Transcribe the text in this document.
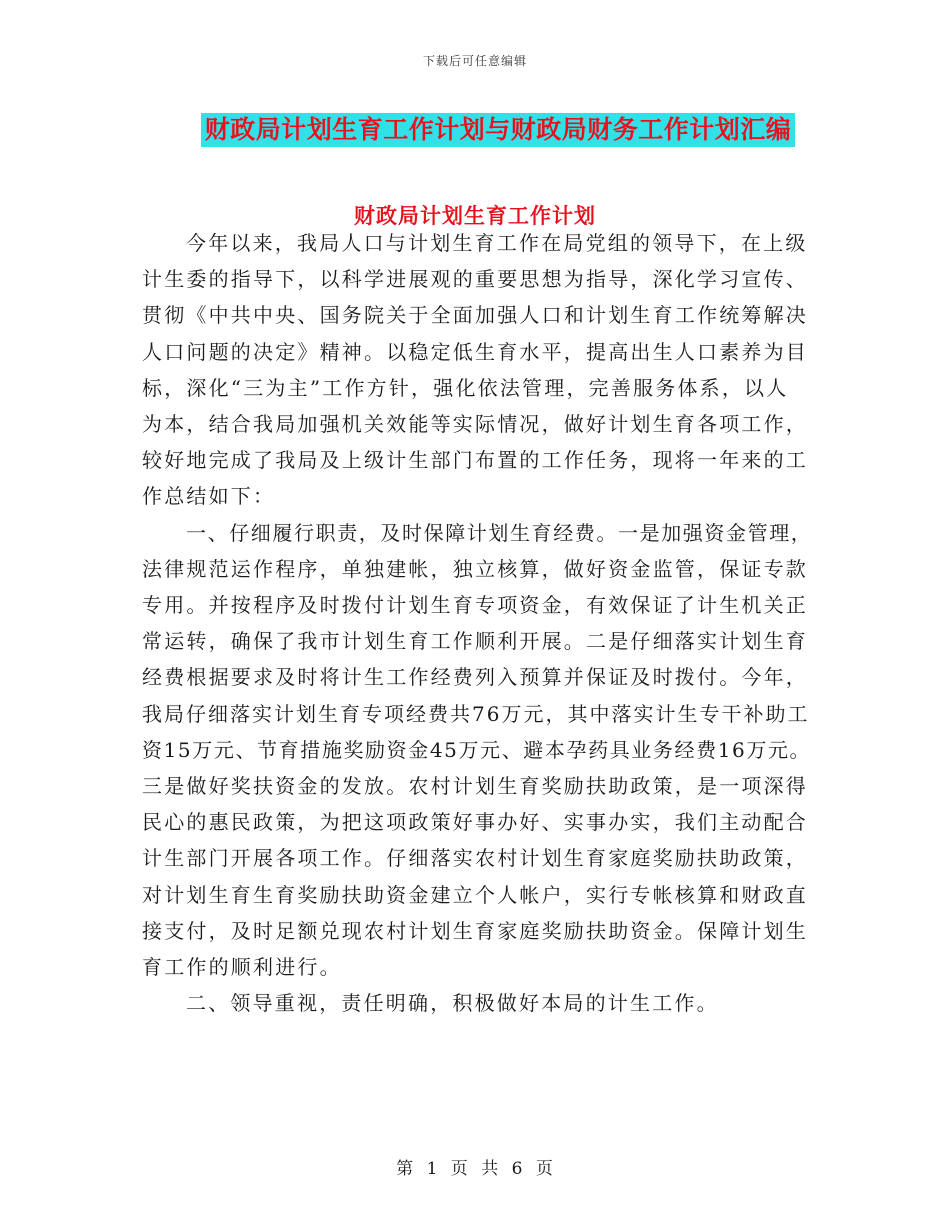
下载后可任意编辑
财政局计划生育工作计划与财政局财务工作计划汇编
财政局计划生育工作计划
今年以来，我局人口与计划生育工作在局党组的领导下，在上级
计生委的指导下，以科学进展观的重要思想为指导，深化学习宣传、
贯彻《中共中央、国务院关于全面加强人口和计划生育工作统筹解决
人口问题的决定》精神。以稳定低生育水平，提高出生人口素养为目
标，深化“三为主”工作方针，强化依法管理，完善服务体系，以人
为本，结合我局加强机关效能等实际情况，做好计划生育各项工作，
较好地完成了我局及上级计生部门布置的工作任务，现将一年来的工
作总结如下：
一、仔细履行职责，及时保障计划生育经费。一是加强资金管理，
法律规范运作程序，单独建帐，独立核算，做好资金监管，保证专款
专用。并按程序及时拨付计划生育专项资金，有效保证了计生机关正
常运转，确保了我市计划生育工作顺利开展。二是仔细落实计划生育
经费根据要求及时将计生工作经费列入预算并保证及时拨付。今年，
我局仔细落实计划生育专项经费共76万元，其中落实计生专干补助工
资15万元、节育措施奖励资金45万元、避本孕药具业务经费16万元。
三是做好奖扶资金的发放。农村计划生育奖励扶助政策，是一项深得
民心的惠民政策，为把这项政策好事办好、实事办实，我们主动配合
计生部门开展各项工作。仔细落实农村计划生育家庭奖励扶助政策，
对计划生育生育奖励扶助资金建立个人帐户，实行专帐核算和财政直
接支付，及时足额兑现农村计划生育家庭奖励扶助资金。保障计划生
育工作的顺利进行。
二、领导重视，责任明确，积极做好本局的计生工作。
第 1 页 共 6 页
